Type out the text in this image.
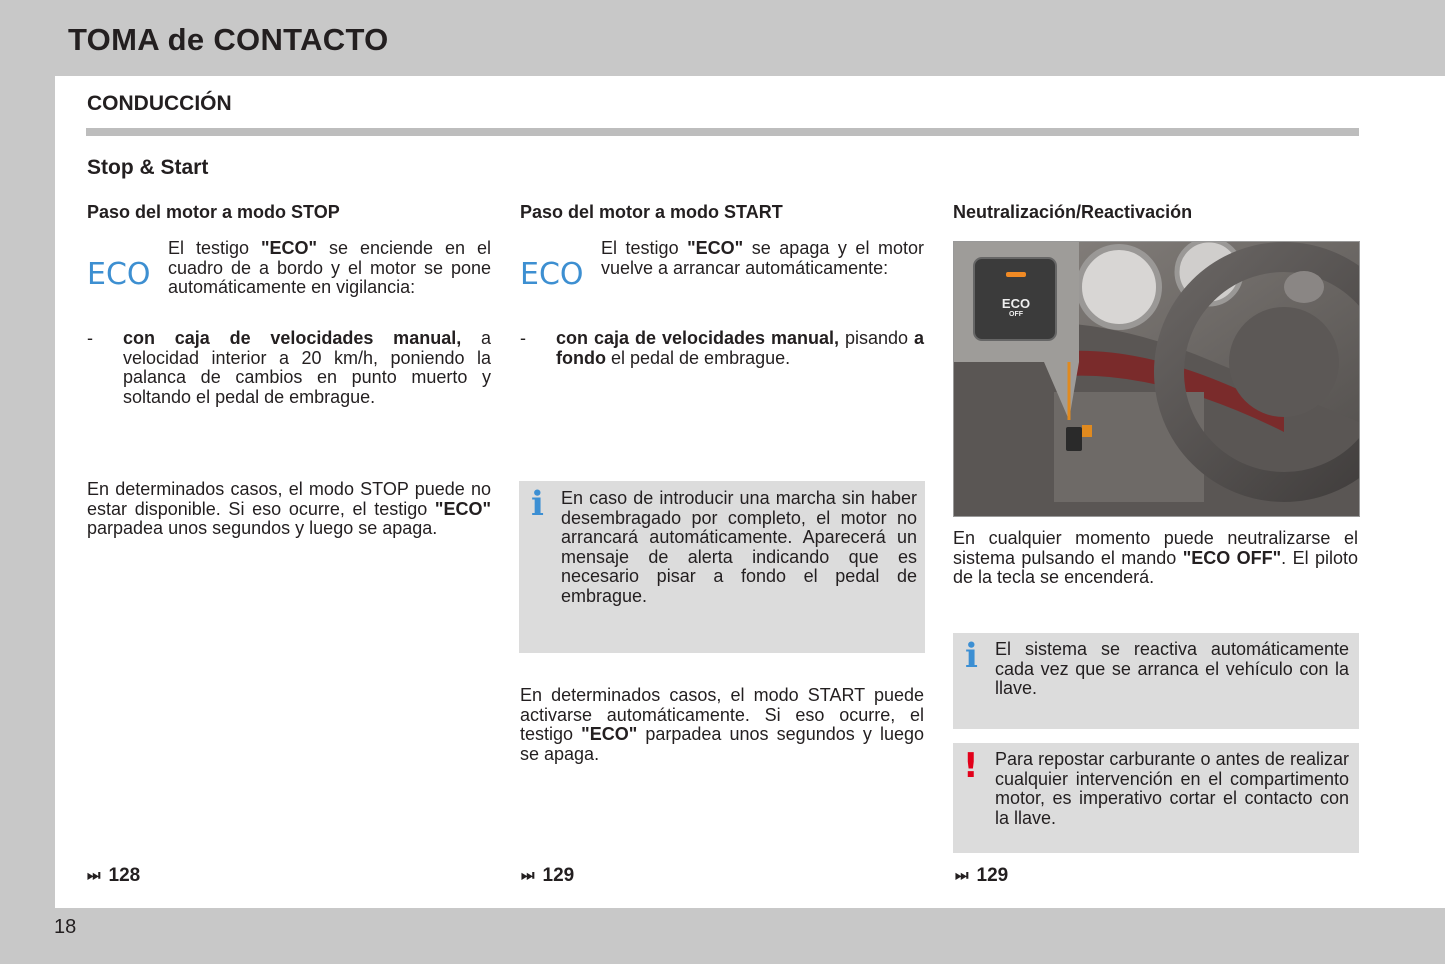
TOMA de CONTACTO
CONDUCCIÓN
Stop & Start
Paso del motor a modo STOP
ECO
El testigo "ECO" se enciende en el cuadro de a bordo y el motor se pone automáticamente en vigilancia:
- con caja de velocidades manual, a velocidad interior a 20 km/h, poniendo la palanca de cambios en punto muerto y soltando el pedal de embrague.
En determinados casos, el modo STOP puede no estar disponible. Si eso ocurre, el testigo "ECO" parpadea unos segundos y luego se apaga.
⏭ 128
Paso del motor a modo START
ECO
El testigo "ECO" se apaga y el motor vuelve a arrancar automáticamente:
- con caja de velocidades manual, pisando a fondo el pedal de embrague.
i En caso de introducir una marcha sin haber desembragado por completo, el motor no arrancará automáticamente. Aparecerá un mensaje de alerta indicando que es necesario pisar a fondo el pedal de embrague.
En determinados casos, el modo START puede activarse automáticamente. Si eso ocurre, el testigo "ECO" parpadea unos segundos y luego se apaga.
⏭ 129
Neutralización/Reactivación
ECO
OFF
En cualquier momento puede neutralizarse el sistema pulsando el mando "ECO OFF". El piloto de la tecla se encenderá.
i El sistema se reactiva automáticamente cada vez que se arranca el vehículo con la llave.
! Para repostar carburante o antes de realizar cualquier intervención en el compartimento motor, es imperativo cortar el contacto con la llave.
⏭ 129
18
